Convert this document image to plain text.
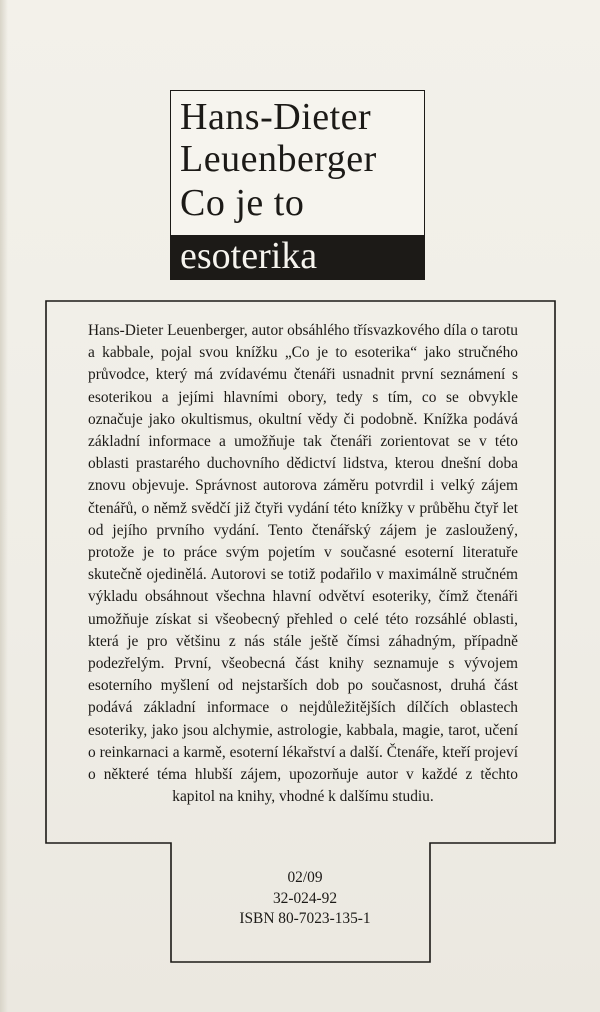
Hans-Dieter
Leuenberger
Co je to
esoterika

Hans-Dieter Leuenberger, autor obsáhlého třísvazkového díla o tarotu a kabbale, pojal svou knížku „Co je to esoterika“ jako stručného průvodce, který má zvídavému čtenáři usnadnit první seznámení s esoterikou a jejími hlavními obory, tedy s tím, co se obvykle označuje jako okultismus, okultní vědy či podobně. Knížka podává základní informace a umožňuje tak čtenáři zorientovat se v této oblasti prastarého duchovního dědictví lidstva, kterou dnešní doba znovu objevuje. Správnost autorova záměru potvrdil i velký zájem čtenářů, o němž svědčí již čtyři vydání této knížky v průběhu čtyř let od jejího prvního vydání. Tento čtenářský zájem je zasloužený, protože je to práce svým pojetím v současné esoterní literatuře skutečně ojedinělá. Autorovi se totiž podařilo v maximálně stručném výkladu obsáhnout všechna hlavní odvětví esoteriky, čímž čtenáři umožňuje získat si všeobecný přehled o celé této rozsáhlé oblasti, která je pro většinu z nás stále ještě čímsi záhadným, případně podezřelým. První, všeobecná část knihy seznamuje s vývojem esoterního myšlení od nejstarších dob po současnost, druhá část podává základní informace o nejdůležitějších dílčích oblastech esoteriky, jako jsou alchymie, astrologie, kabbala, magie, tarot, učení o reinkarnaci a karmě, esoterní lékařství a další. Čtenáře, kteří projeví o některé téma hlubší zájem, upozorňuje autor v každé z těchto kapitol na knihy, vhodné k dalšímu studiu.

02/09
32-024-92
ISBN 80-7023-135-1
